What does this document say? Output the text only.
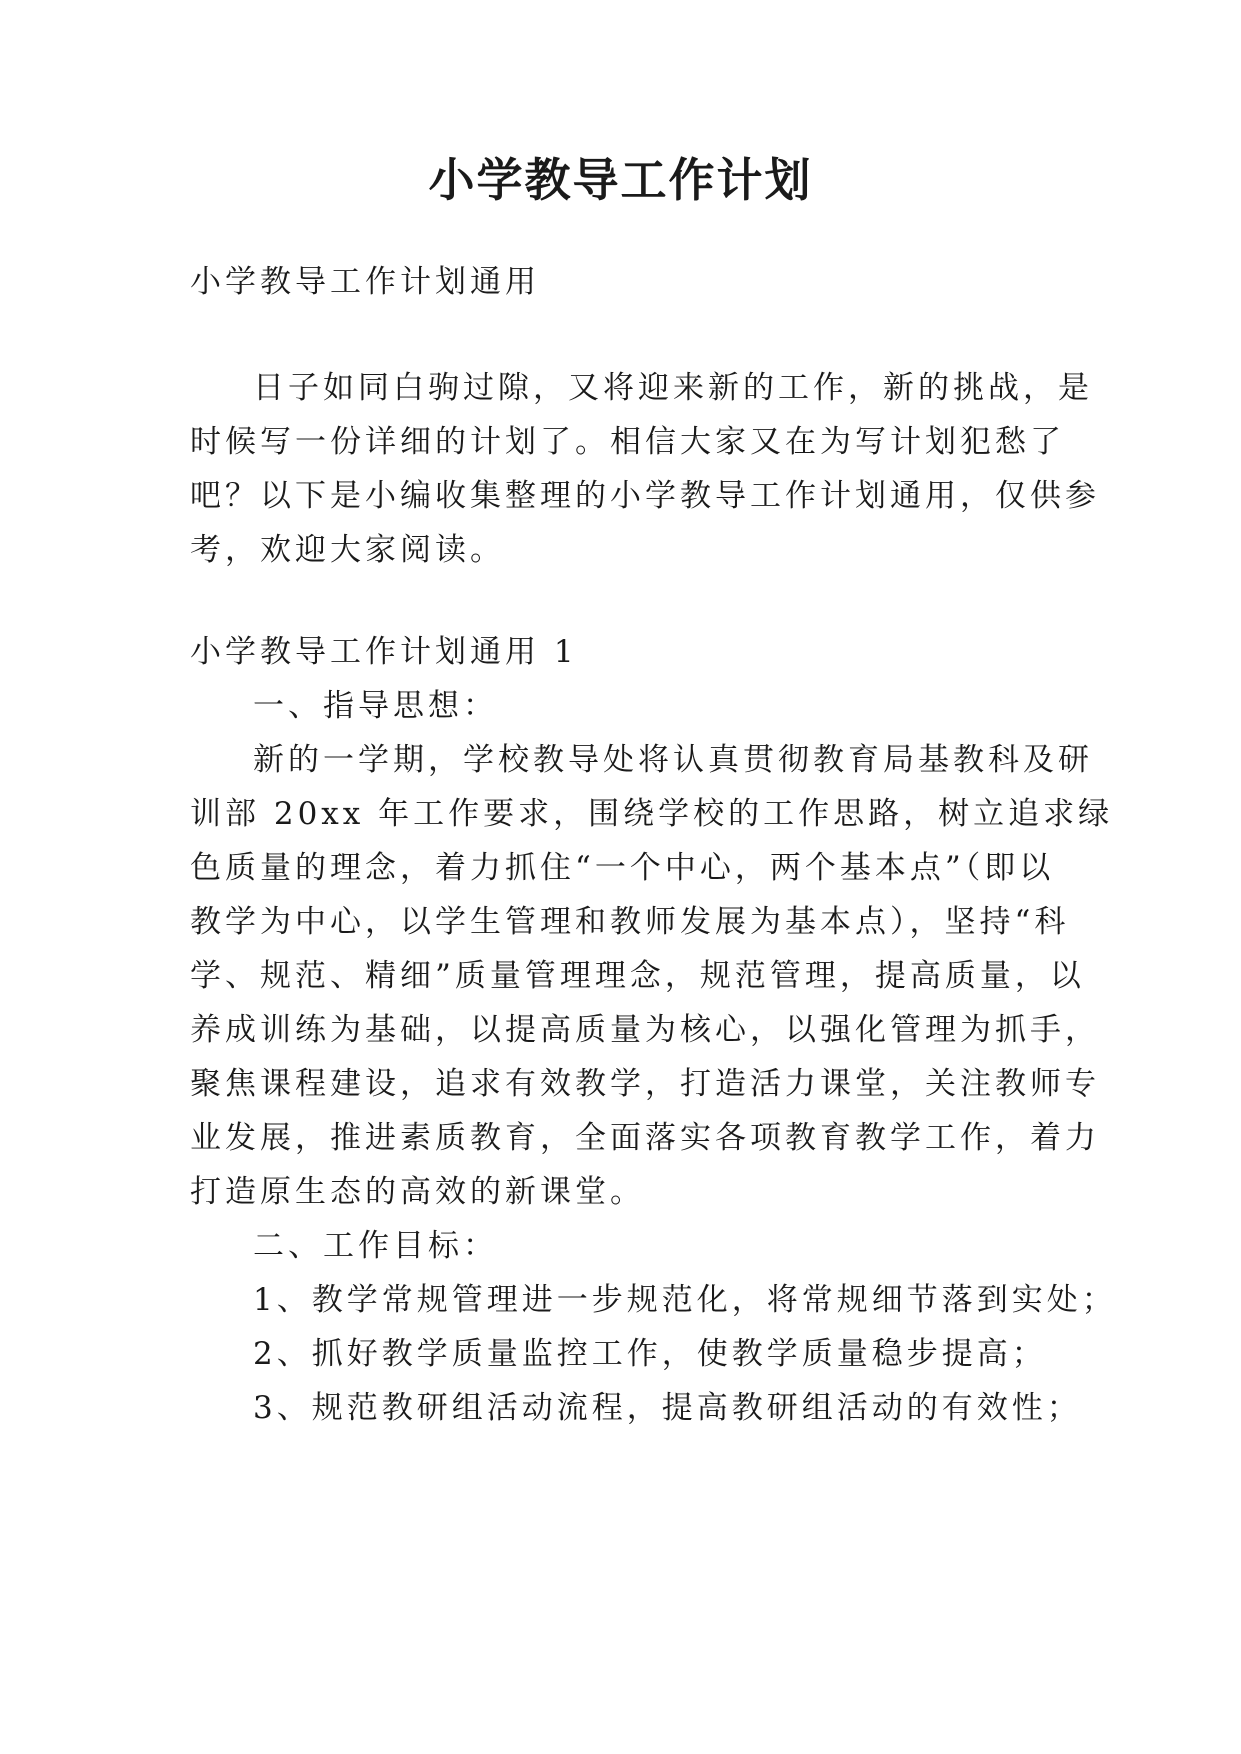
小学教导工作计划
小学教导工作计划通用
日子如同白驹过隙，又将迎来新的工作，新的挑战，是
时候写一份详细的计划了。相信大家又在为写计划犯愁了
吧？以下是小编收集整理的小学教导工作计划通用，仅供参
考，欢迎大家阅读。
小学教导工作计划通用 1
一、指导思想：
新的一学期，学校教导处将认真贯彻教育局基教科及研
训部 20xx 年工作要求，围绕学校的工作思路，树立追求绿
色质量的理念，着力抓住“一个中心，两个基本点”（即以
教学为中心，以学生管理和教师发展为基本点），坚持“科
学、规范、精细”质量管理理念，规范管理，提高质量，以
养成训练为基础，以提高质量为核心，以强化管理为抓手，
聚焦课程建设，追求有效教学，打造活力课堂，关注教师专
业发展，推进素质教育，全面落实各项教育教学工作，着力
打造原生态的高效的新课堂。
二、工作目标：
1、教学常规管理进一步规范化，将常规细节落到实处；
2、抓好教学质量监控工作，使教学质量稳步提高；
3、规范教研组活动流程，提高教研组活动的有效性；
